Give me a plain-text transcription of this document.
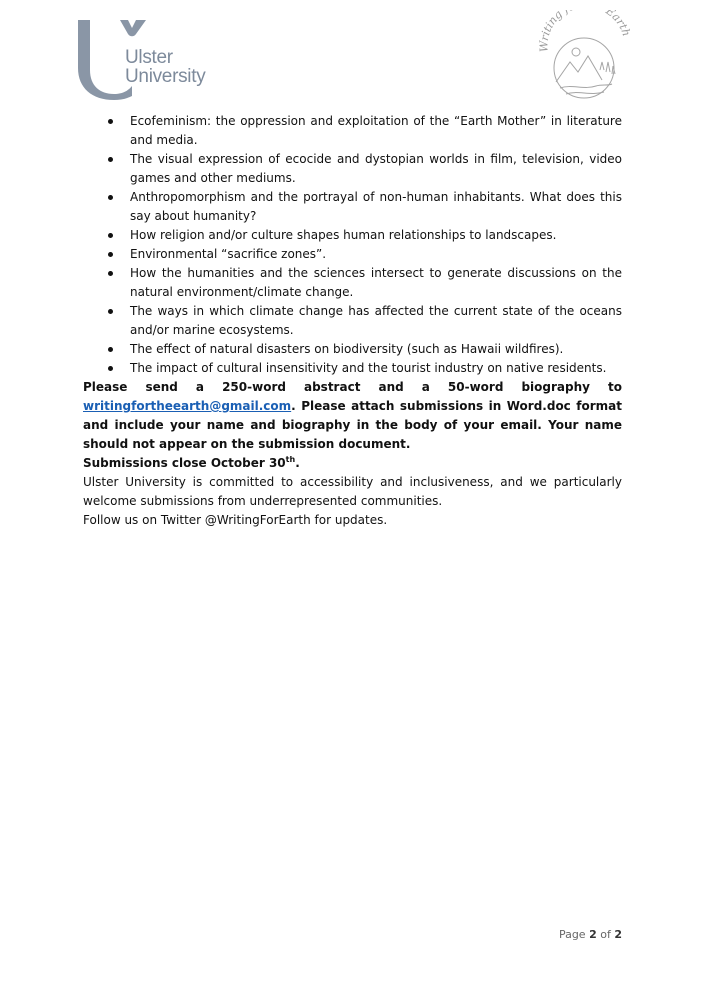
Ulster
University
Writing Eart
Ecofeminism: the oppression and exploitation of the “Earth Mother” in literature and media.
The visual expression of ecocide and dystopian worlds in film, television, video games and other mediums.
Anthropomorphism and the portrayal of non-human inhabitants. What does this say about humanity?
How religion and/or culture shapes human relationships to landscapes.
Environmental “sacrifice zones”.
How the humanities and the sciences intersect to generate discussions on the natural environment/climate change.
The ways in which climate change has affected the current state of the oceans and/or marine ecosystems.
The effect of natural disasters on biodiversity (such as Hawaii wildfires).
The impact of cultural insensitivity and the tourist industry on native residents.

Please send a 250-word abstract and a 50-word biography to writingfortheearth@gmail.com. Please attach submissions in Word.doc format and include your name and biography in the body of your email. Your name should not appear on the submission document.

Submissions close October 30th.

Ulster University is committed to accessibility and inclusiveness, and we particularly welcome submissions from underrepresented communities.

Follow us on Twitter @WritingForEarth for updates.

Page 2 of 2
